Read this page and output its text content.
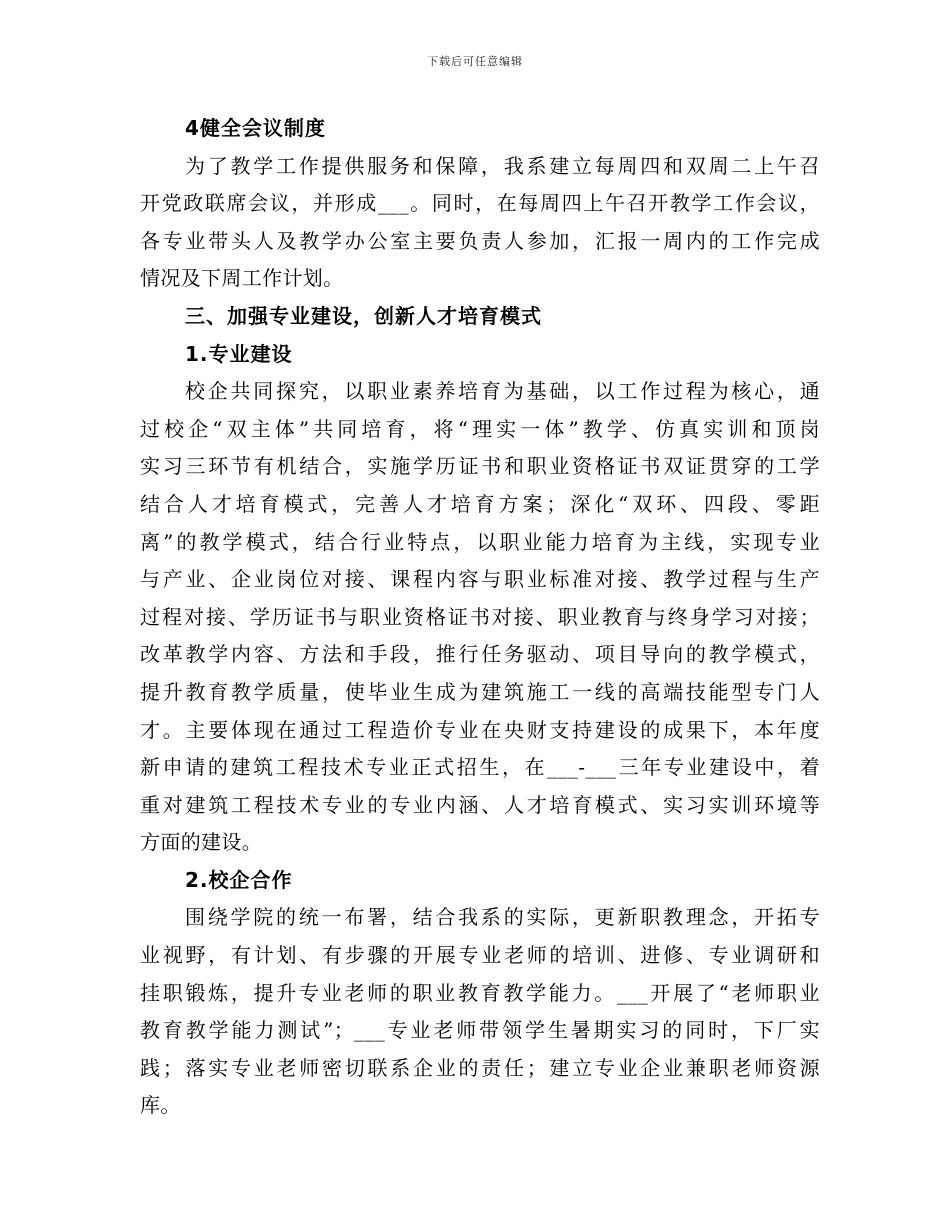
下载后可任意编辑
4健全会议制度
为了教学工作提供服务和保障，我系建立每周四和双周二上午召
开党政联席会议，并形成___。同时，在每周四上午召开教学工作会议，
各专业带头人及教学办公室主要负责人参加，汇报一周内的工作完成
情况及下周工作计划。
三、加强专业建设，创新人才培育模式
1.专业建设
校企共同探究，以职业素养培育为基础，以工作过程为核心，通
过校企“双主体”共同培育，将“理实一体”教学、仿真实训和顶岗
实习三环节有机结合，实施学历证书和职业资格证书双证贯穿的工学
结合人才培育模式，完善人才培育方案；深化“双环、四段、零距
离”的教学模式，结合行业特点，以职业能力培育为主线，实现专业
与产业、企业岗位对接、课程内容与职业标准对接、教学过程与生产
过程对接、学历证书与职业资格证书对接、职业教育与终身学习对接；
改革教学内容、方法和手段，推行任务驱动、项目导向的教学模式，
提升教育教学质量，使毕业生成为建筑施工一线的高端技能型专门人
才。主要体现在通过工程造价专业在央财支持建设的成果下，本年度
新申请的建筑工程技术专业正式招生，在___-___三年专业建设中，着
重对建筑工程技术专业的专业内涵、人才培育模式、实习实训环境等
方面的建设。
2.校企合作
围绕学院的统一布署，结合我系的实际，更新职教理念，开拓专
业视野，有计划、有步骤的开展专业老师的培训、进修、专业调研和
挂职锻炼，提升专业老师的职业教育教学能力。___开展了“老师职业
教育教学能力测试”；___专业老师带领学生暑期实习的同时，下厂实
践；落实专业老师密切联系企业的责任；建立专业企业兼职老师资源
库。
